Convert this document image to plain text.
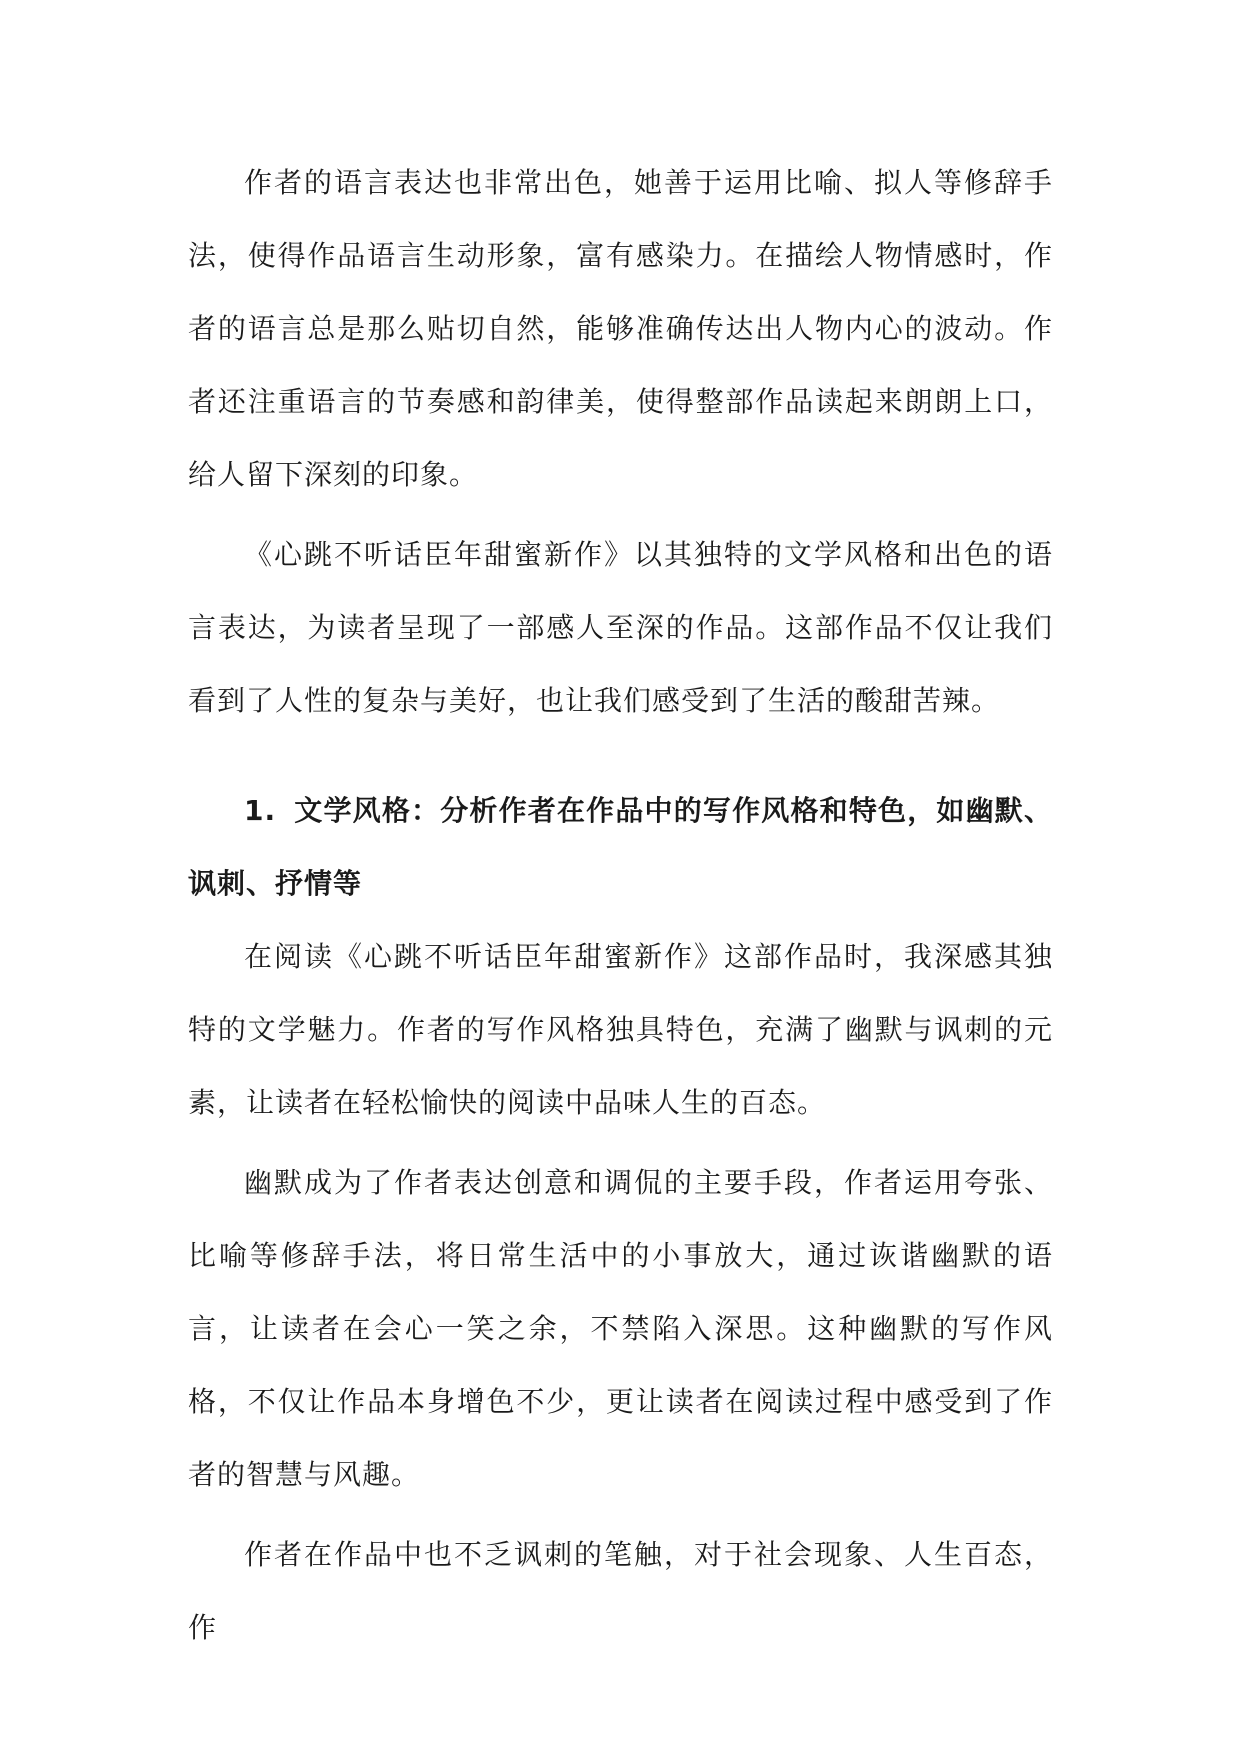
作者的语言表达也非常出色，她善于运用比喻、拟人等修辞手法，使得作品语言生动形象，富有感染力。在描绘人物情感时，作者的语言总是那么贴切自然，能够准确传达出人物内心的波动。作者还注重语言的节奏感和韵律美，使得整部作品读起来朗朗上口，给人留下深刻的印象。

《心跳不听话臣年甜蜜新作》以其独特的文学风格和出色的语言表达，为读者呈现了一部感人至深的作品。这部作品不仅让我们看到了人性的复杂与美好，也让我们感受到了生活的酸甜苦辣。

1. 文学风格：分析作者在作品中的写作风格和特色，如幽默、讽刺、抒情等

在阅读《心跳不听话臣年甜蜜新作》这部作品时，我深感其独特的文学魅力。作者的写作风格独具特色，充满了幽默与讽刺的元素，让读者在轻松愉快的阅读中品味人生的百态。

幽默成为了作者表达创意和调侃的主要手段，作者运用夸张、比喻等修辞手法，将日常生活中的小事放大，通过诙谐幽默的语言，让读者在会心一笑之余，不禁陷入深思。这种幽默的写作风格，不仅让作品本身增色不少，更让读者在阅读过程中感受到了作者的智慧与风趣。

作者在作品中也不乏讽刺的笔触，对于社会现象、人生百态，作
